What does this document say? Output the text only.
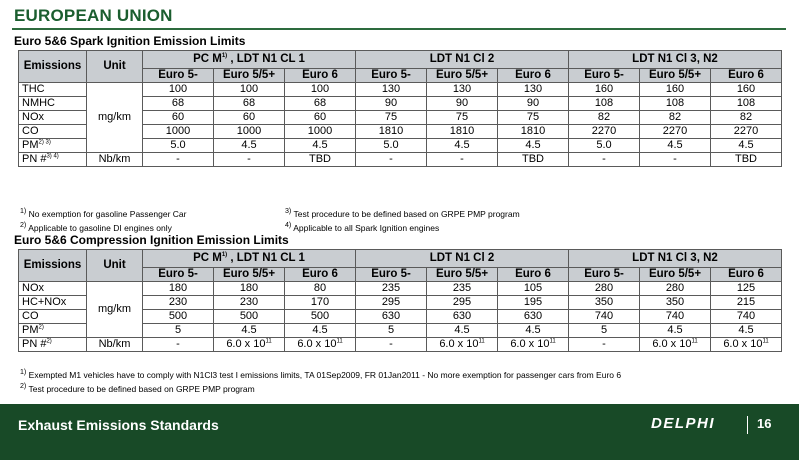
EUROPEAN UNION
Euro 5&6 Spark Ignition Emission Limits
Emissions	Unit	PC $M^{1)}$ , LDT N1 CL 1			LDT N1 Cl 2			LDT N1 Cl 3, N2		
		Euro 5-	Euro 5/5+	Euro 6	Euro 5-	Euro 5/5+	Euro 6	Euro 5-	Euro 5/5+	Euro 6
THC	mg/km	100	100	100	130	130	130	160	160	160
NMHC		68	68	68	90	90	90	108	108	108
NOx		60	60	60	75	75	75	82	82	82
CO		1000	1000	1000	1810	1810	1810	2270	2270	2270
$PM^{2) 3)}$		5.0	4.5	4.5	5.0	4.5	4.5	5.0	4.5	4.5
PN #$^{3) 4)}$	Nb/km	-	-	TBD	-	-	TBD	-	-	TBD
$^{1)}$ No exemption for gasoline Passenger Car
$^{2)}$ Applicable to gasoline DI engines only
$^{3)}$ Test procedure to be defined based on GRPE PMP program
$^{4)}$ Applicable to all Spark Ignition engines
Euro 5&6 Compression Ignition Emission Limits
Emissions	Unit	PC $M^{1)}$ , LDT N1 CL 1			LDT N1 Cl 2			LDT N1 Cl 3, N2		
		Euro 5-	Euro 5/5+	Euro 6	Euro 5-	Euro 5/5+	Euro 6	Euro 5-	Euro 5/5+	Euro 6
NOx	mg/km	180	180	80	235	235	105	280	280	125
HC+NOx		230	230	170	295	295	195	350	350	215
CO		500	500	500	630	630	630	740	740	740
PM$^{2)}$		5	4.5	4.5	5	4.5	4.5	5	4.5	4.5
PN #$^{2)}$	Nb/km	-	6.0 x $10^{11}$	6.0 x $10^{11}$	-	6.0 x $10^{11}$	6.0 x $10^{11}$	-	6.0 x $10^{11}$	6.0 x $10^{11}$
$^{1)}$ Exempted M1 vehicles have to comply with N1Cl3 test I emissions limits, TA 01Sep2009, FR 01Jan2011 - No more exemption for passenger cars from Euro 6
$^{2)}$ Test procedure to be defined based on GRPE PMP program
Exhaust Emissions Standards	DELPHI	16
